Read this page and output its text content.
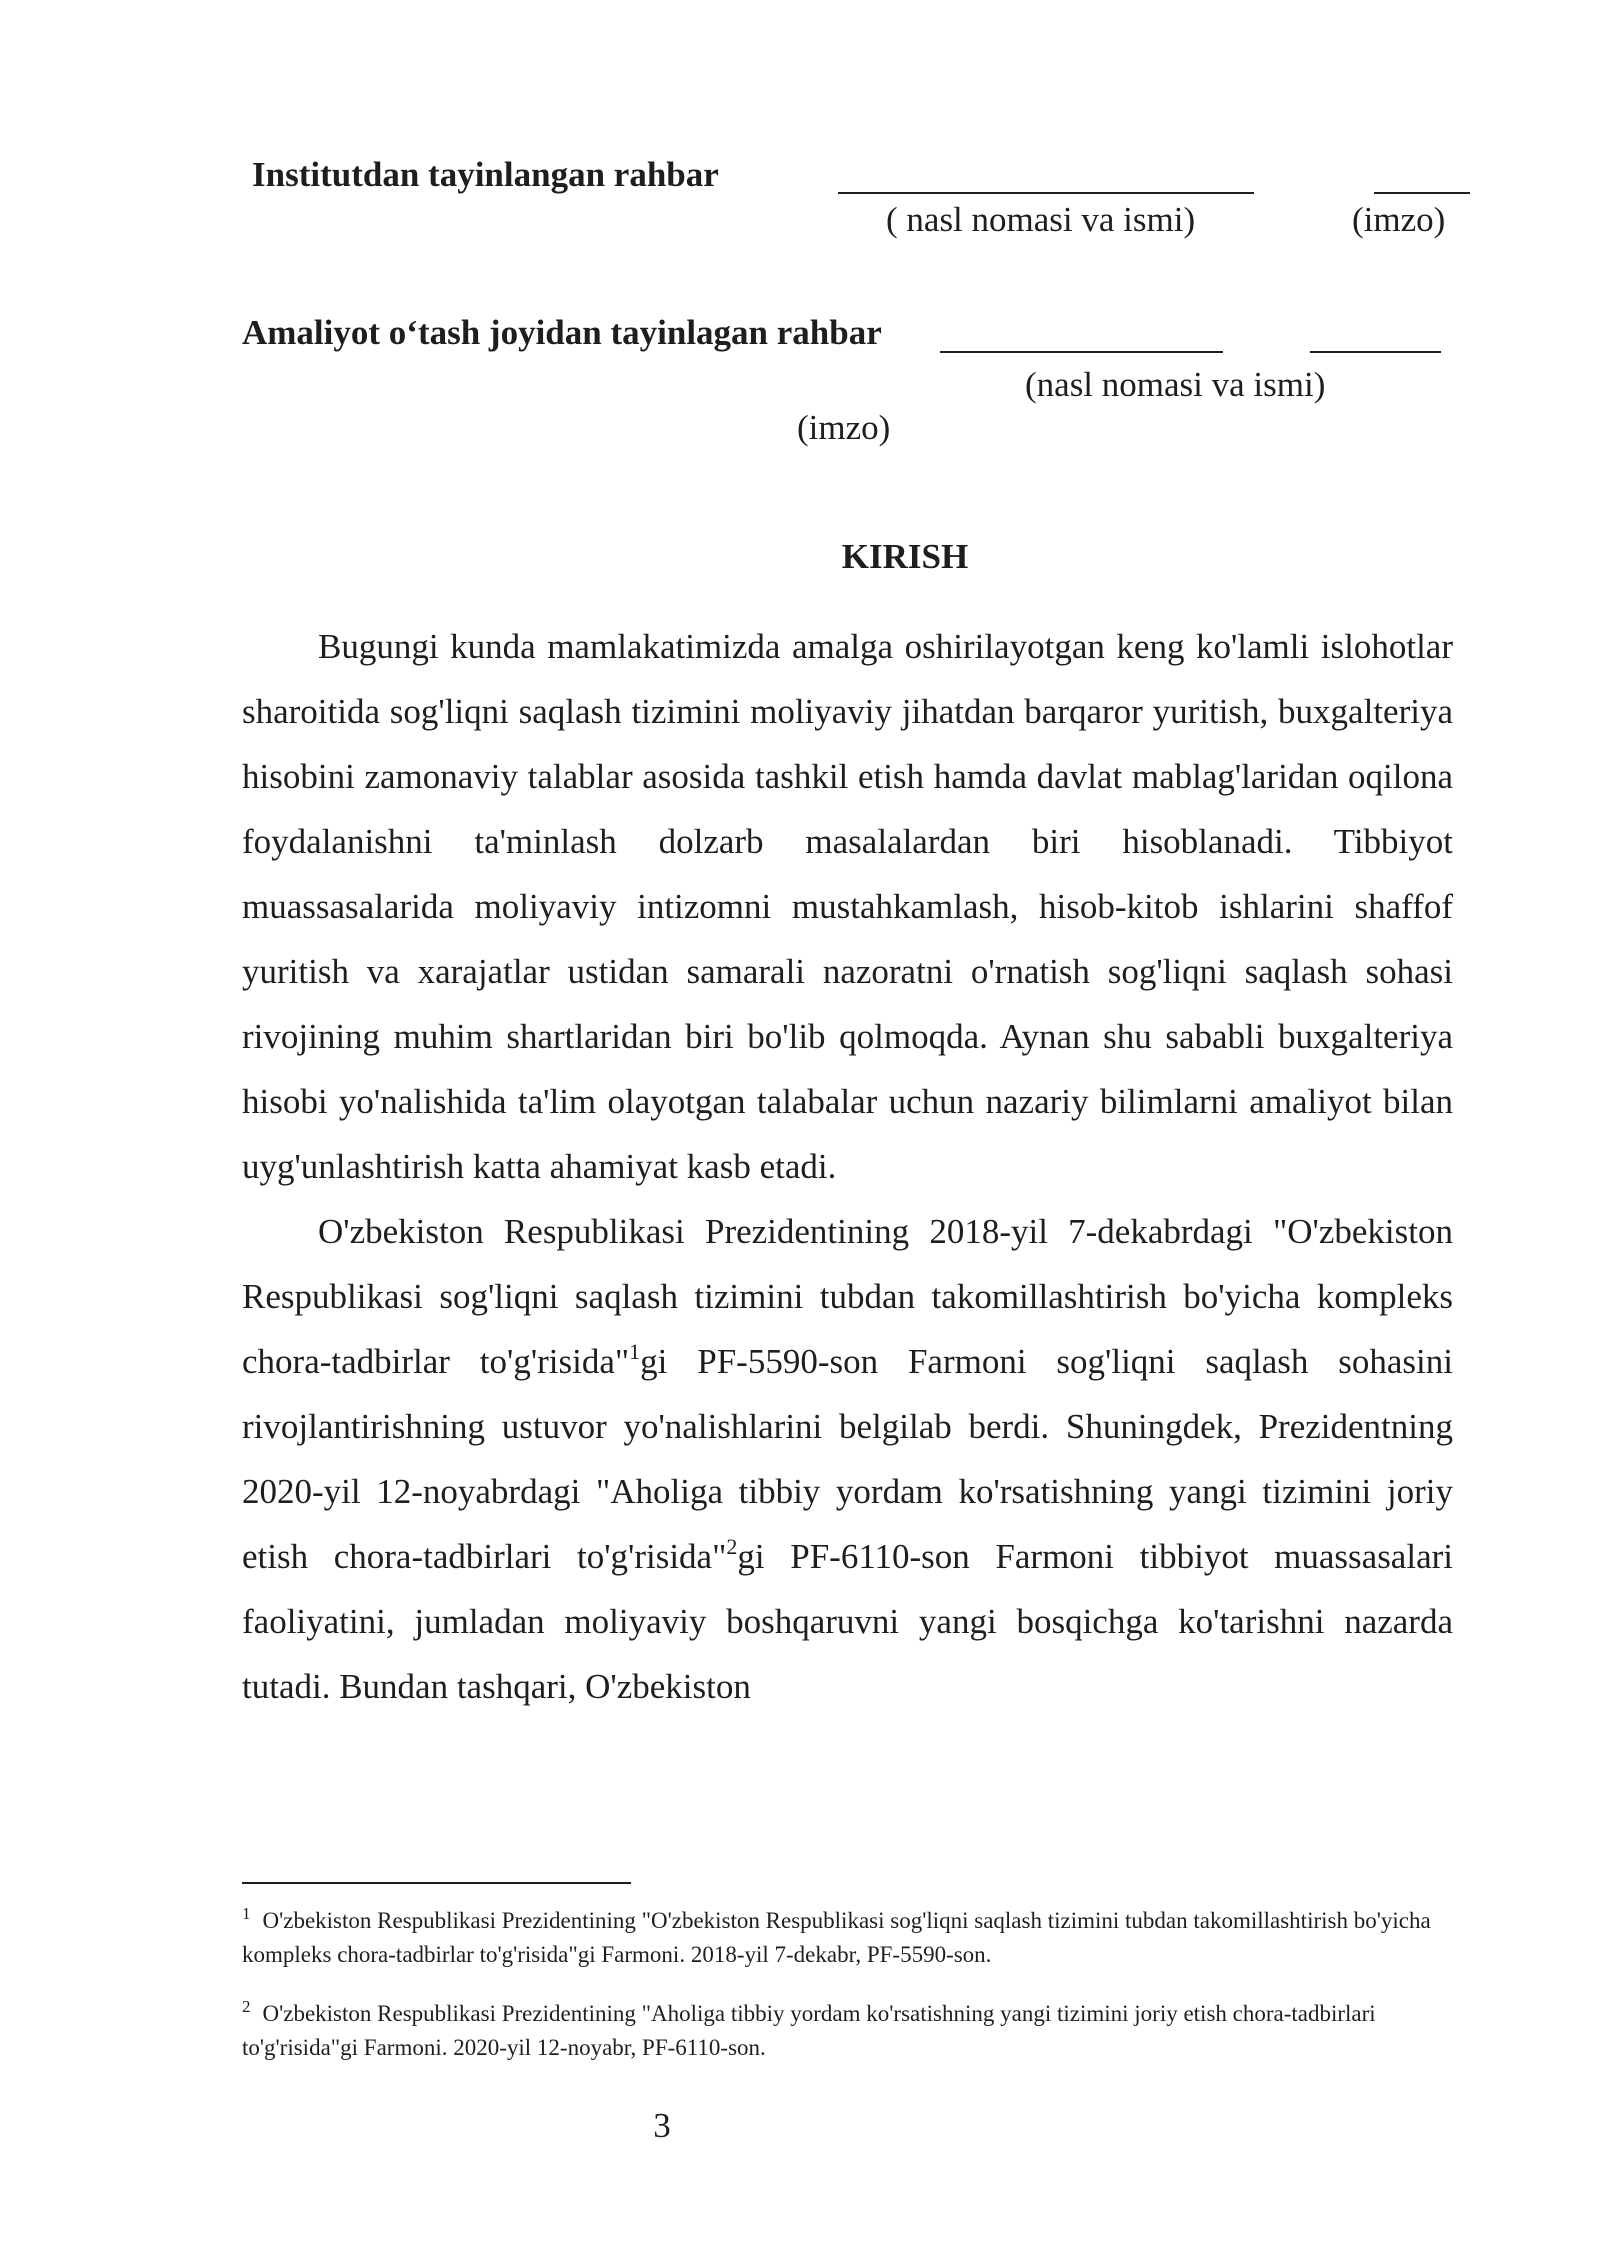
Institutdan tayinlangan rahbar
( nasl nomasi va ismi)	(imzo)
Amaliyot o‘tash joyidan tayinlagan rahbar
(nasl nomasi va ismi)
(imzo)
KIRISH

Bugungi kunda mamlakatimizda amalga oshirilayotgan keng ko'lamli islohotlar sharoitida sog'liqni saqlash tizimini moliyaviy jihatdan barqaror yuritish, buxgalteriya hisobini zamonaviy talablar asosida tashkil etish hamda davlat mablag'laridan oqilona foydalanishni ta'minlash dolzarb masalalardan biri hisoblanadi. Tibbiyot muassasalarida moliyaviy intizomni mustahkamlash, hisob-kitob ishlarini shaffof yuritish va xarajatlar ustidan samarali nazoratni o'rnatish sog'liqni saqlash sohasi rivojining muhim shartlaridan biri bo'lib qolmoqda. Aynan shu sababli buxgalteriya hisobi yo'nalishida ta'lim olayotgan talabalar uchun nazariy bilimlarni amaliyot bilan uyg'unlashtirish katta ahamiyat kasb etadi.

O'zbekiston Respublikasi Prezidentining 2018-yil 7-dekabrdagi "O'zbekiston Respublikasi sog'liqni saqlash tizimini tubdan takomillashtirish bo'yicha kompleks chora-tadbirlar to'g'risida"$^1$gi PF-5590-son Farmoni sog'liqni saqlash sohasini rivojlantirishning ustuvor yo'nalishlarini belgilab berdi. Shuningdek, Prezidentning 2020-yil 12-noyabrdagi "Aholiga tibbiy yordam ko'rsatishning yangi tizimini joriy etish chora-tadbirlari to'g'risida"$^2$gi PF-6110-son Farmoni tibbiyot muassasalari faoliyatini, jumladan moliyaviy boshqaruvni yangi bosqichga ko'tarishni nazarda tutadi. Bundan tashqari, O'zbekiston

$^1$ O'zbekiston Respublikasi Prezidentining "O'zbekiston Respublikasi sog'liqni saqlash tizimini tubdan takomillashtirish bo'yicha kompleks chora-tadbirlar to'g'risida"gi Farmoni. 2018-yil 7-dekabr, PF-5590-son.
$^2$ O'zbekiston Respublikasi Prezidentining "Aholiga tibbiy yordam ko'rsatishning yangi tizimini joriy etish chora-tadbirlari to'g'risida"gi Farmoni. 2020-yil 12-noyabr, PF-6110-son.
3
